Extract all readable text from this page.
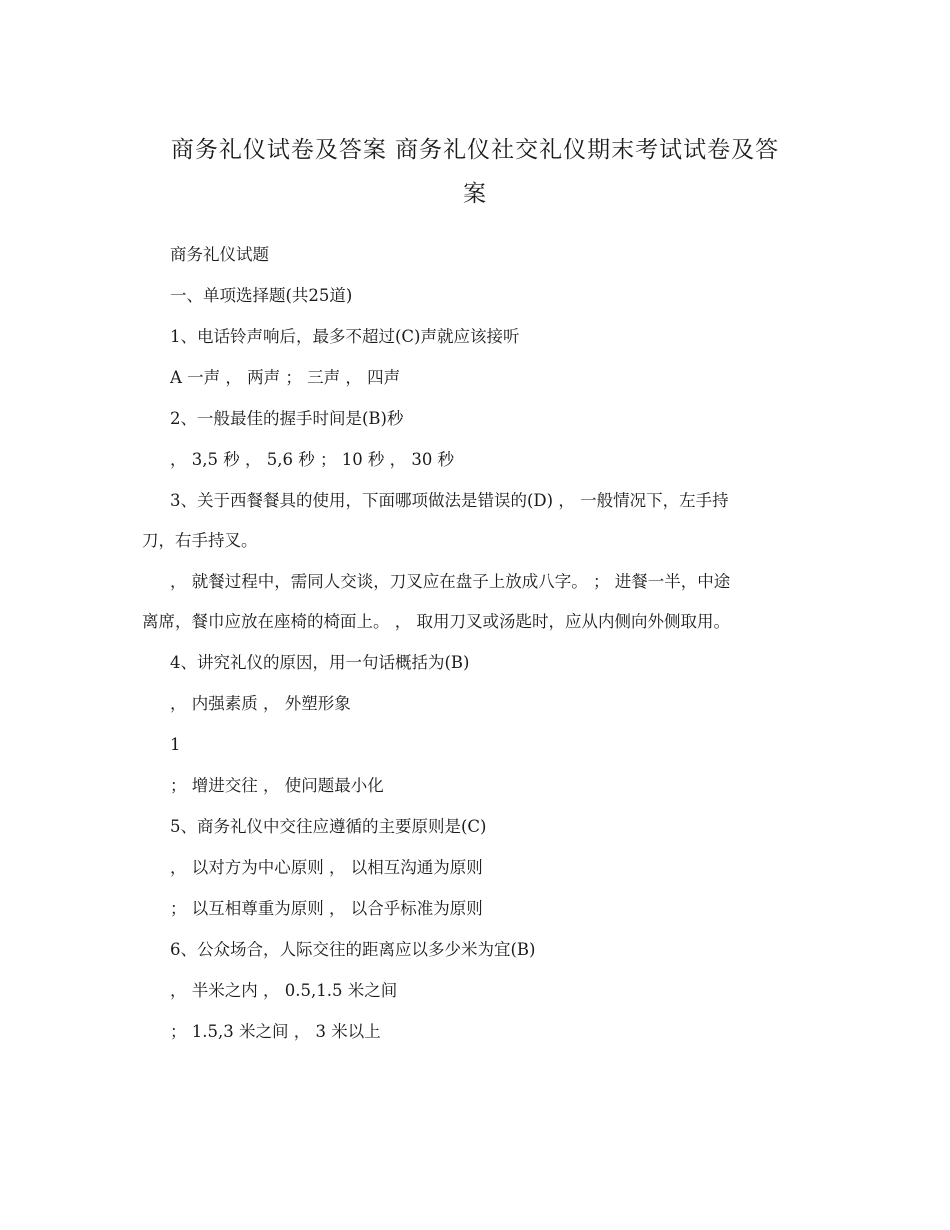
商务礼仪试卷及答案 商务礼仪社交礼仪期末考试试卷及答
案
商务礼仪试题
一、单项选择题(共25道)
1、电话铃声响后，最多不超过(C)声就应该接听
A 一声 ， 两声 ； 三声 ， 四声
2、一般最佳的握手时间是(B)秒
， 3,5 秒 ， 5,6 秒 ； 10 秒 ， 30 秒
3、关于西餐餐具的使用，下面哪项做法是错误的(D) ， 一般情况下，左手持
刀，右手持叉。
， 就餐过程中，需同人交谈，刀叉应在盘子上放成八字。 ； 进餐一半，中途
离席，餐巾应放在座椅的椅面上。 ， 取用刀叉或汤匙时，应从内侧向外侧取用。
4、讲究礼仪的原因，用一句话概括为(B)
， 内强素质 ， 外塑形象
1
； 增进交往 ， 使问题最小化
5、商务礼仪中交往应遵循的主要原则是(C)
， 以对方为中心原则 ， 以相互沟通为原则
； 以互相尊重为原则 ， 以合乎标准为原则
6、公众场合，人际交往的距离应以多少米为宜(B)
， 半米之内 ， 0.5,1.5 米之间
； 1.5,3 米之间 ， 3 米以上
